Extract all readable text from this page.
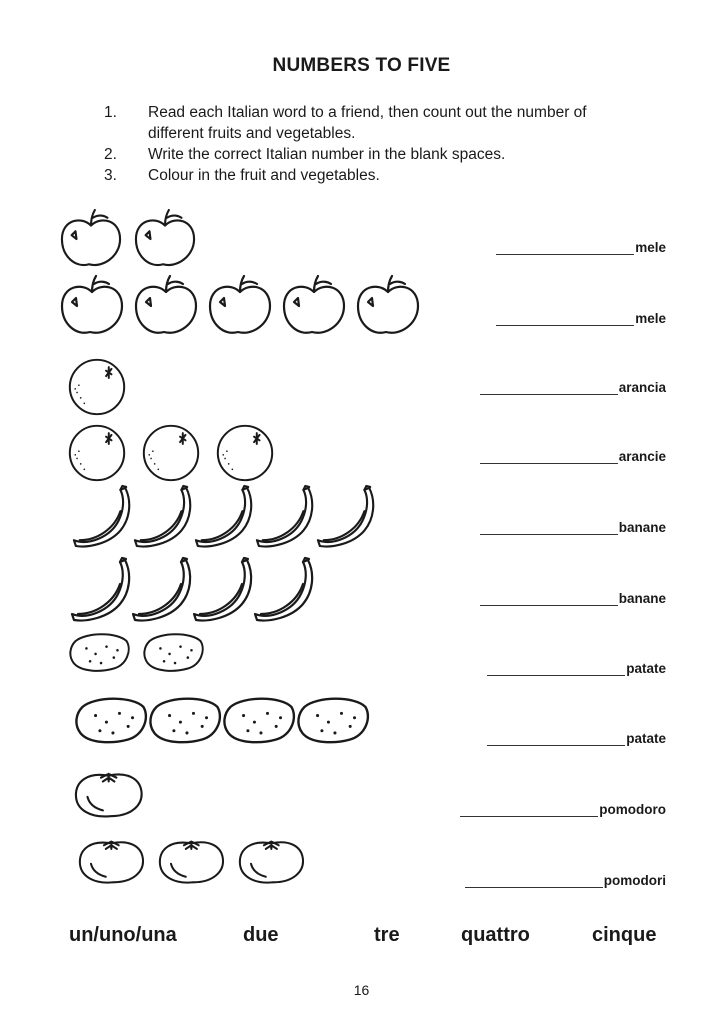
NUMBERS TO FIVE
1.	Read each Italian word to a friend, then count out the number of
different fruits and vegetables.
2.	Write the correct Italian number in the blank spaces.
3.	Colour in the fruit and vegetables.
mele
mele
arancia
arancie
banane
banane
patate
patate
pomodoro
pomodori
un/uno/una	due	tre	quattro	cinque
16
